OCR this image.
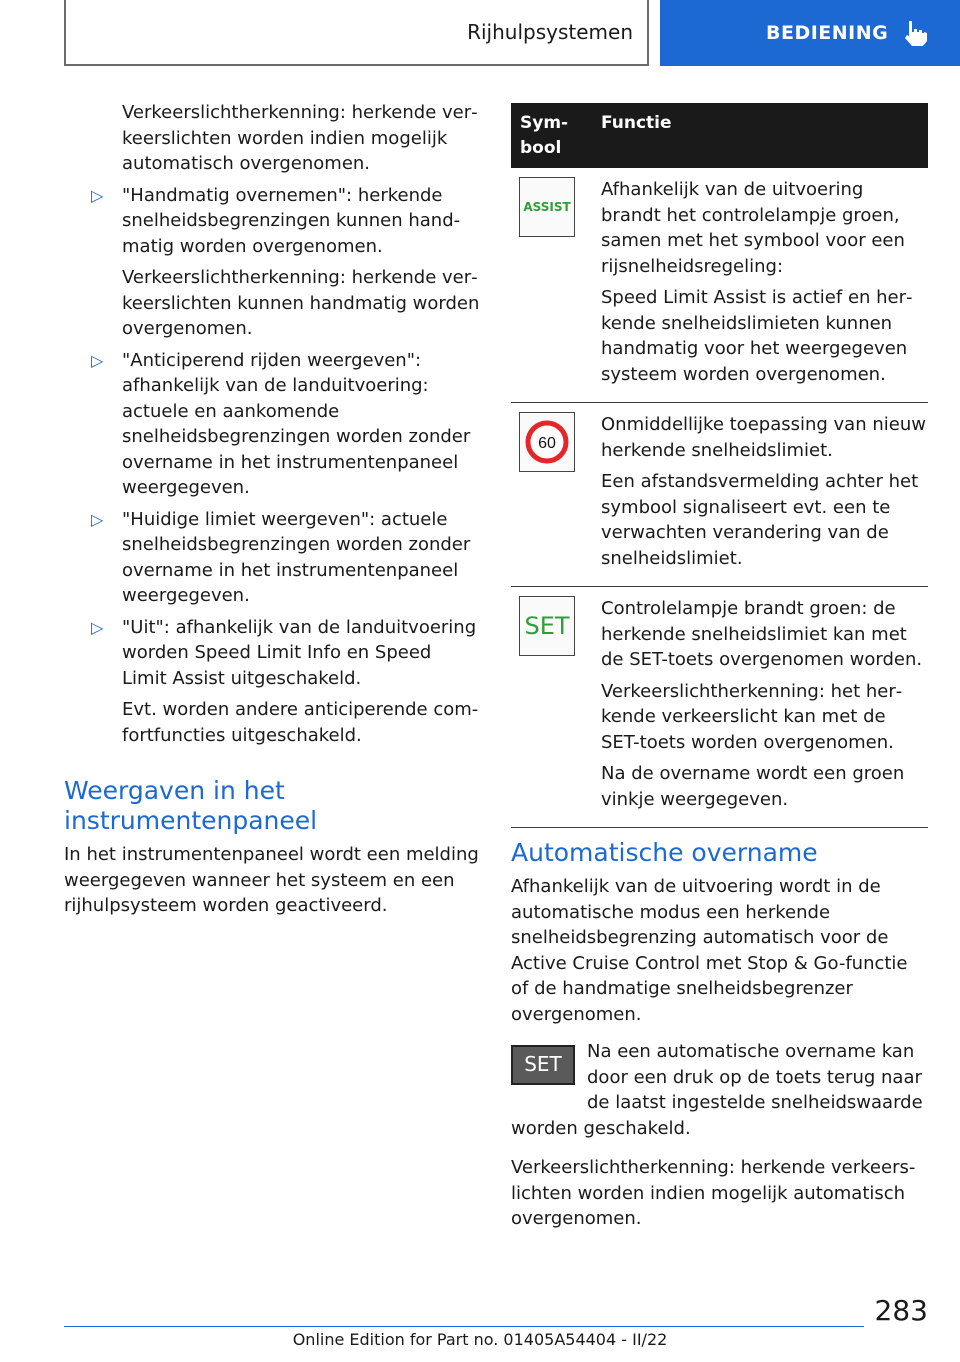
Rijhulpsystemen	BEDIENING

Verkeerslichtherkenning: herkende verkeerslichten worden indien mogelijk automatisch overgenomen.

▷ "Handmatig overnemen": herkende snelheidsbegrenzingen kunnen handmatig worden overgenomen.

Verkeerslichtherkenning: herkende verkeerslichten kunnen handmatig worden overgenomen.

▷ "Anticiperend rijden weergeven": afhankelijk van de landuitvoering: actuele en aankomende snelheidsbegrenzingen worden zonder overname in het instrumentenpaneel weergegeven.

▷ "Huidige limiet weergeven": actuele snelheidsbegrenzingen worden zonder overname in het instrumentenpaneel weergegeven.

▷ "Uit": afhankelijk van de landuitvoering worden Speed Limit Info en Speed Limit Assist uitgeschakeld.

Evt. worden andere anticiperende comfortfuncties uitgeschakeld.

Weergaven in het instrumentenpaneel

In het instrumentenpaneel wordt een melding weergegeven wanneer het systeem en een rijhulpsysteem worden geactiveerd.

Symbool
Functie
ASSIST

Afhankelijk van de uitvoering brandt het controlelampje groen, samen met het symbool voor een rijsnelheidsregeling:

Speed Limit Assist is actief en herkende snelheidslimieten kunnen handmatig voor het weergegeven systeem worden overgenomen.

60

Onmiddellijke toepassing van nieuw herkende snelheidslimiet.

Een afstandsvermelding achter het symbool signaliseert evt. een te verwachten verandering van de snelheidslimiet.

SET

Controlelampje brandt groen: de herkende snelheidslimiet kan met de SET-toets overgenomen worden.

Verkeerslichtherkenning: het herkende verkeerslicht kan met de SET-toets worden overgenomen.

Na de overname wordt een groen vinkje weergegeven.

Automatische overname

Afhankelijk van de uitvoering wordt in de automatische modus een herkende snelheidsbegrenzing automatisch voor de Active Cruise Control met Stop & Go-functie of de handmatige snelheidsbegrenzer overgenomen.

SET

Na een automatische overname kan door een druk op de toets terug naar de laatst ingestelde snelheidswaarde worden geschakeld.

Verkeerslichtherkenning: herkende verkeerslichten worden indien mogelijk automatisch overgenomen.

283
Online Edition for Part no. 01405A54404 - II/22
